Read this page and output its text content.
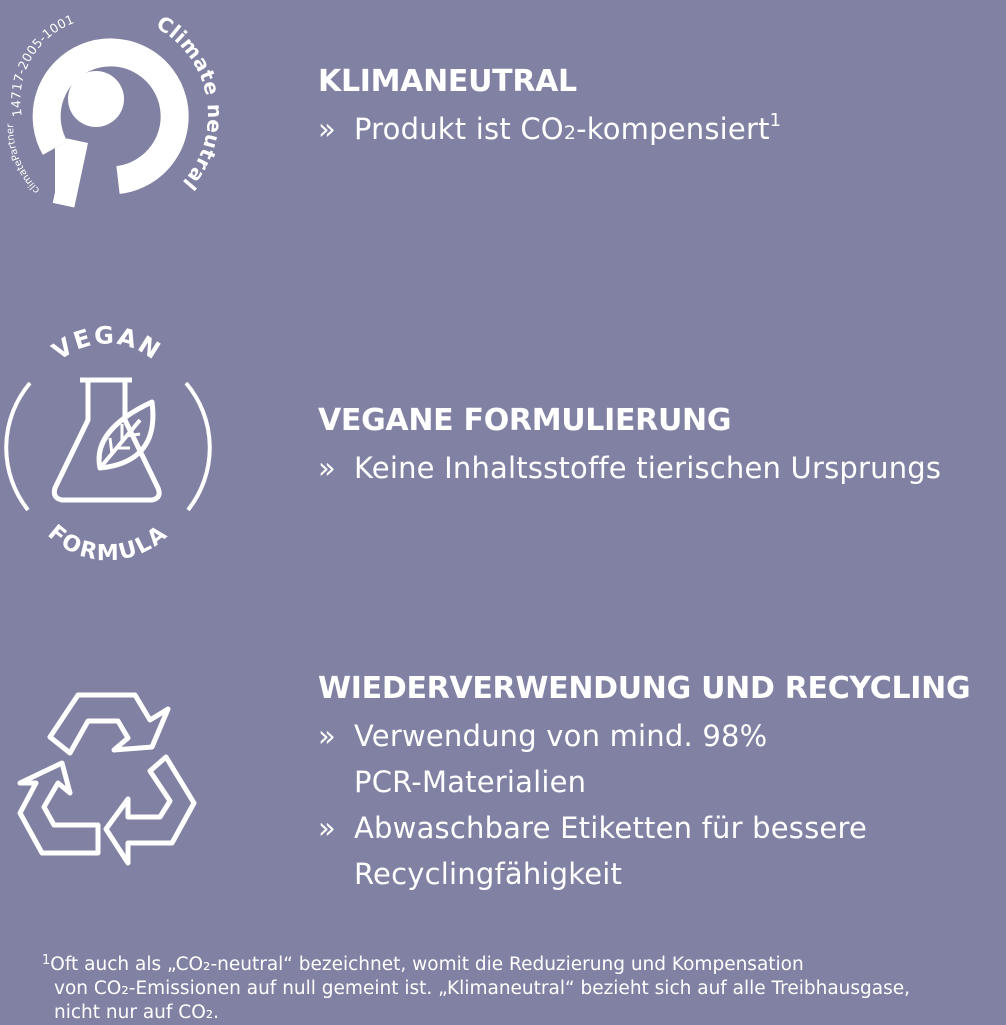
14717-2005-1001	Climate neutral
climatePartner
VEGAN
FORMULA
KLIMANEUTRAL
» Produkt ist CO2-kompensiert$^1$
VEGANE FORMULIERUNG
» Keine Inhaltsstoffe tierischen Ursprungs
WIEDERVERWENDUNG UND RECYCLING
» Verwendung von mind. 98%
PCR-Materialien
» Abwaschbare Etiketten für bessere
Recyclingfähigkeit
$^1$Oft auch als „CO₂-neutral“ bezeichnet, womit die Reduzierung und Kompensation
von CO₂-Emissionen auf null gemeint ist. „Klimaneutral“ bezieht sich auf alle Treibhausgase,
nicht nur auf CO₂.
